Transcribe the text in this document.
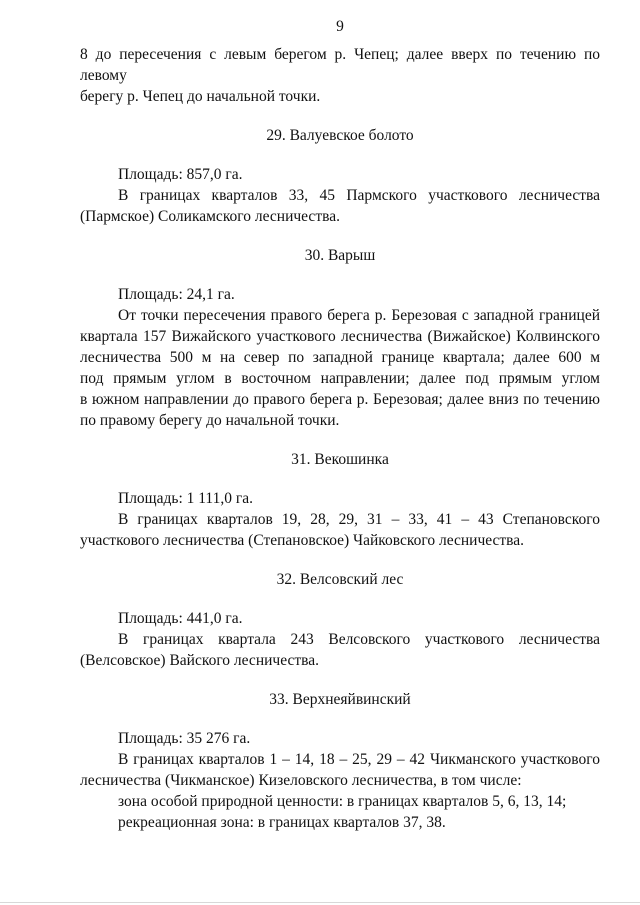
9

8 до пересечения с левым берегом р. Чепец; далее вверх по течению по левому

берегу р. Чепец до начальной точки.

29. Валуевское болото

Площадь: 857,0 га.

В границах кварталов 33, 45 Пармского участкового лесничества

(Пармское) Соликамского лесничества.

30. Варыш

Площадь: 24,1 га.

От точки пересечения правого берега р. Березовая с западной границей

квартала 157 Вижайского участкового лесничества (Вижайское) Колвинского

лесничества 500 м на север по западной границе квартала; далее 600 м

под прямым углом в восточном направлении; далее под прямым углом

в южном направлении до правого берега р. Березовая; далее вниз по течению

по правому берегу до начальной точки.

31. Векошинка

Площадь: 1 111,0 га.

В границах кварталов 19, 28, 29, 31 – 33, 41 – 43 Степановского

участкового лесничества (Степановское) Чайковского лесничества.

32. Велсовский лес

Площадь: 441,0 га.

В границах квартала 243 Велсовского участкового лесничества

(Велсовское) Вайского лесничества.

33. Верхнеяйвинский

Площадь: 35 276 га.

В границах кварталов 1 – 14, 18 – 25, 29 – 42 Чикманского участкового

лесничества (Чикманское) Кизеловского лесничества, в том числе:

зона особой природной ценности: в границах кварталов 5, 6, 13, 14;

рекреационная зона: в границах кварталов 37, 38.
